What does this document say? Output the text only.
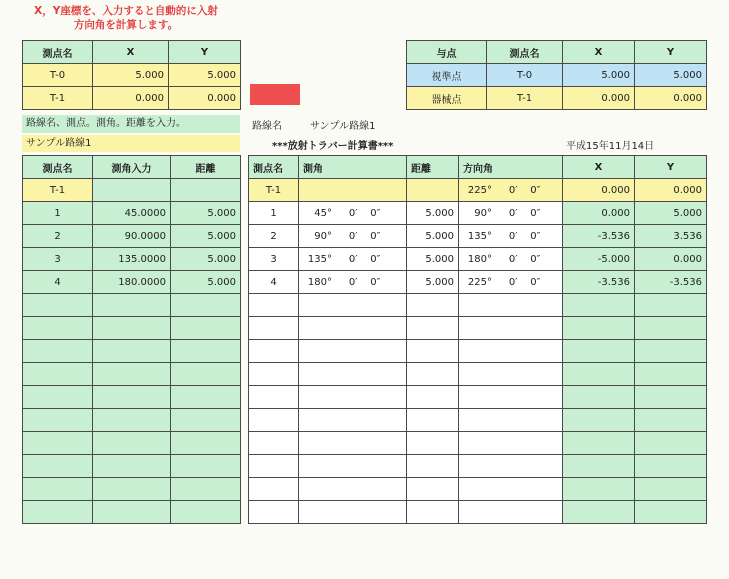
X，Y座標を、入力すると自動的に入射
方向角を計算します。
測点名	X	Y
T-0	5.000	5.000
T-1	0.000	0.000
与点	測点名	X	Y
視準点	T-0	5.000	5.000
器械点	T-1	0.000	0.000
路線名、測点。測角。距離を入力。
サンプル路線1
路線名	サンプル路線1
***放射トラバー計算書***	平成15年11月14日
測点名	測角入力	距離
T-1		
1	45.0000	5.000
2	90.0000	5.000
3	135.0000	5.000
4	180.0000	5.000

測点名	測角	距離	方向角	X	Y
T-1			225° 0′ 0″	0.000	0.000
1	45° 0′ 0″	5.000	90° 0′ 0″	0.000	5.000
2	90° 0′ 0″	5.000	135° 0′ 0″	-3.536	3.536
3	135° 0′ 0″	5.000	180° 0′ 0″	-5.000	0.000
4	180° 0′ 0″	5.000	225° 0′ 0″	-3.536	-3.536
